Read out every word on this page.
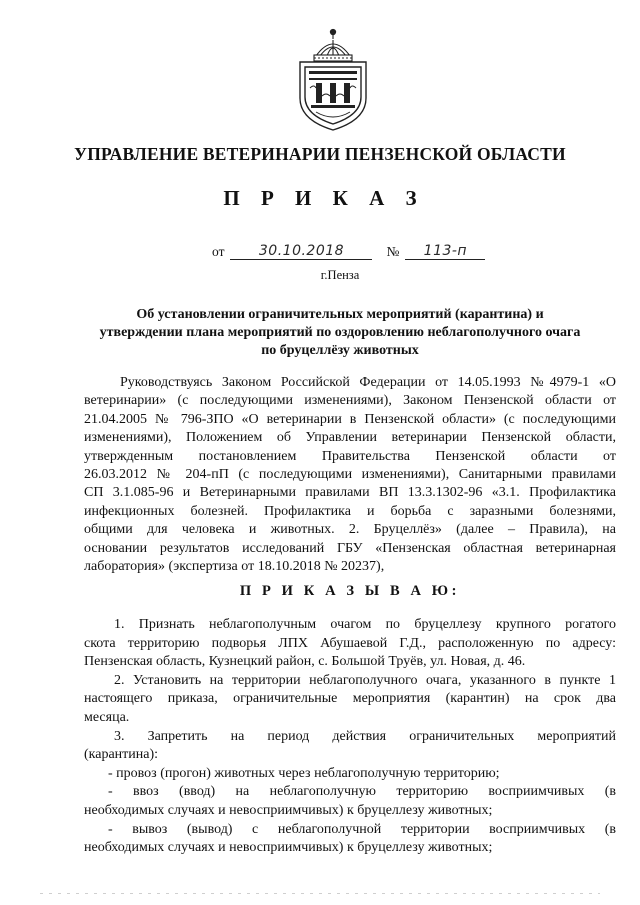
УПРАВЛЕНИЕ ВЕТЕРИНАРИИ ПЕНЗЕНСКОЙ ОБЛАСТИ
П Р И К А З
от 30.10.2018	№ 113-п
г.Пенза
Об установлении ограничительных мероприятий (карантина) и
утверждении плана мероприятий по оздоровлению неблагополучного очага
по бруцеллёзу животных
Руководствуясь Законом Российской Федерации от 14.05.1993 №4979-1 «О
ветеринарии» (с последующими изменениями), Законом Пензенской области от
21.04.2005 № 796-ЗПО «О ветеринарии в Пензенской области» (с последующими
изменениями), Положением об Управлении ветеринарии Пензенской области,
утвержденным постановлением Правительства Пензенской области от
26.03.2012 № 204-пП (с последующими изменениями), Санитарными правилами
СП 3.1.085-96 и Ветеринарными правилами ВП 13.3.1302-96 «3.1. Профилактика
инфекционных болезней. Профилактика и борьба с заразными болезнями,
общими для человека и животных. 2. Бруцеллёз» (далее – Правила), на
основании результатов исследований ГБУ «Пензенская областная ветеринарная
лаборатория» (экспертиза от 18.10.2018 № 20237),
П Р И К А З Ы В А Ю:
1. Признать неблагополучным очагом по бруцеллезу крупного рогатого
скота территорию подворья ЛПХ Абушаевой Г.Д., расположенную по адресу:
Пензенская область, Кузнецкий район, с. Большой Труёв, ул. Новая, д. 46.
2. Установить на территории неблагополучного очага, указанного в пункте 1
настоящего приказа, ограничительные мероприятия (карантин) на срок два
месяца.
3. Запретить на период действия ограничительных мероприятий
(карантина):
- провоз (прогон) животных через неблагополучную территорию;
- ввоз (ввод) на неблагополучную территорию восприимчивых (в
необходимых случаях и невосприимчивых) к бруцеллезу животных;
- вывоз (вывод) с неблагополучной территории восприимчивых (в
необходимых случаях и невосприимчивых) к бруцеллезу животных;
